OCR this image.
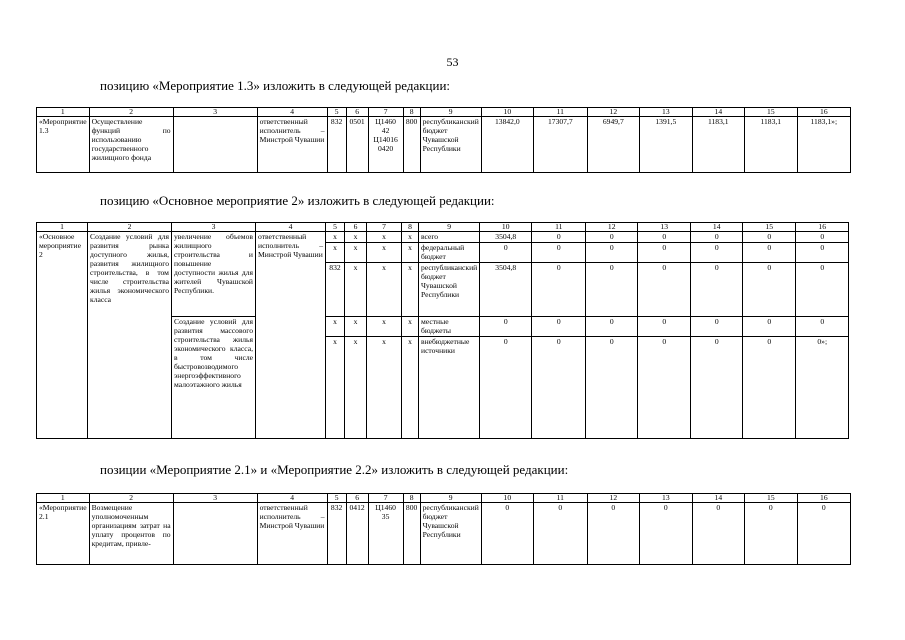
53
позицию «Мероприятие 1.3» изложить в следующей редакции:
1	2	3	4	5	6	7	8	9	10	11	12	13	14	15	16
«Мероприятие 1.3	Осуществление функций по использованию государственного жилищного фонда		ответственный исполнитель – Минстрой Чувашии	832	0501	Ц1460 42 Ц14016 0420	800	республиканский бюджет Чувашской Республики	13842,0	17307,7	6949,7	1391,5	1183,1	1183,1	1183,1»;
позицию «Основное мероприятие 2» изложить в следующей редакции:
1	2	3	4	5	6	7	8	9	10	11	12	13	14	15	16
«Основное мероприятие 2	Создание условий для развития рынка доступного жилья, развития жилищного строительства, в том числе строительства жилья экономического класса	увеличение объемов жилищного строительства и повышение доступности жилья для жителей Чувашской Республики.	ответственный исполнитель – Минстрой Чувашии	x	x	x	x	всего	3504,8	0	0	0	0	0	0
				x	x	x	x	федеральный бюджет	0	0	0	0	0	0	0
				832	x	x	x	республиканский бюджет Чувашской Республики	3504,8	0	0	0	0	0	0
		Создание условий для развития массового строительства жилья экономического класса, в том числе быстровозводимого энергоэффективного малоэтажного жилья		x	x	x	x	местные бюджеты	0	0	0	0	0	0	0
				x	x	x	x	внебюджетные источники	0	0	0	0	0	0	0»;
позиции «Мероприятие 2.1» и «Мероприятие 2.2» изложить в следующей редакции:
1	2	3	4	5	6	7	8	9	10	11	12	13	14	15	16
«Мероприятие 2.1	Возмещение уполномоченным организациям затрат на уплату процентов по кредитам, привле-		ответственный исполнитель – Минстрой Чувашии	832	0412	Ц1460 35	800	республиканский бюджет Чувашской Республики	0	0	0	0	0	0	0
